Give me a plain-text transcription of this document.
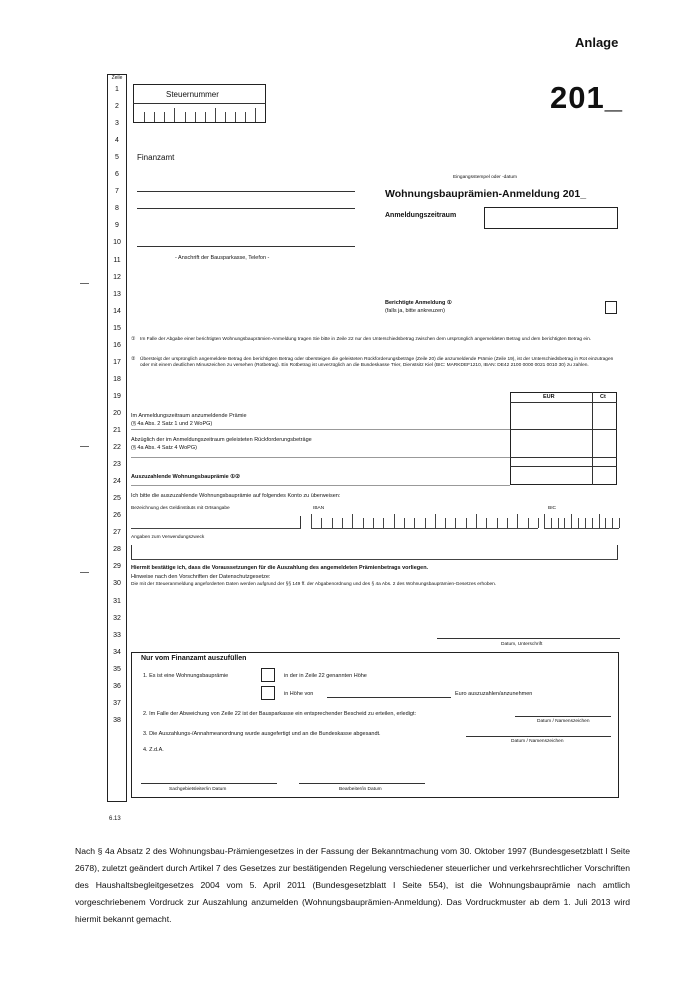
Anlage
201_
Zeile
1
2
3
4
5
6
7
8
9
10
11
12
13
14
15
16
17
18
19
20
21
22
23
24
25
26
27
28
29
30
31
32
33
34
35
36
37
38
Steuernummer
Finanzamt
- Anschrift der Bausparkasse, Telefon -
Eingangsstempel oder -datum
Wohnungsbauprämien-Anmeldung 201_
Anmeldungszeitraum
Berichtigte Anmeldung ①
(falls ja, bitte ankreuzen)
① Im Falle der Abgabe einer berichtigten Wohnungsbauprämien-Anmeldung tragen Sie bitte in Zeile 22 nur den Unterschiedsbetrag zwischen dem ursprünglich angemeldeten Betrag und dem berichtigten Betrag ein.
② Übersteigt der ursprünglich angemeldete Betrag den berichtigten Betrag oder übersteigen die geleisteten Rückforderungsbeträge (Zeile 20) die anzumeldende Prämie (Zeile 19), ist der Unterschiedsbetrag in Rot einzutragen oder mit einem deutlichen Minuszeichen zu versehen (Rotbetrag). Ein Rotbetrag ist unverzüglich an die Bundeskasse Trier, Dienstsitz Kiel (BIC: MARKDEF1210, IBAN: DE42 2100 0000 0021 0010 30) zu zahlen.
EUR	Ct
Im Anmeldungszeitraum anzumeldende Prämie
(§ 4a Abs. 2 Satz 1 und 2 WoPG)
Abzüglich der im Anmeldungszeitraum geleisteten Rückforderungsbeträge
(§ 4a Abs. 4 Satz 4 WoPG)
Auszuzahlende Wohnungsbauprämie ①②
Ich bitte die auszuzahlende Wohnungsbauprämie auf folgendes Konto zu überweisen:
Bezeichnung des Geldinstituts mit Ortsangabe	IBAN	BIC
Angaben zum Verwendungszweck
Hiermit bestätige ich, dass die Voraussetzungen für die Auszahlung des angemeldeten Prämienbetrags vorliegen.
Hinweise nach den Vorschriften der Datenschutzgesetze:
Die mit der Steueranmeldung angeforderten Daten werden aufgrund der §§ 149 ff. der Abgabenordnung und des § 4a Abs. 2 des Wohnungsbauprämien-Gesetzes erhoben.
Datum, Unterschrift
Nur vom Finanzamt auszufüllen
1. Es ist eine Wohnungsbauprämie	in der in Zeile 22 genannten Höhe
in Höhe von	Euro auszuzahlen/anzunehmen
2. Im Falle der Abweichung von Zeile 22 ist der Bausparkasse ein entsprechender Bescheid zu erteilen, erledigt:
Datum / Namenszeichen
3. Die Auszahlungs-/Annahmeanordnung wurde ausgefertigt und an die Bundeskasse abgesandt.
Datum / Namenszeichen
4. Z.d.A.
Sachgebietsleiter/in Datum	Bearbeiter/in Datum
6.13
Nach § 4a Absatz 2 des Wohnungsbau-Prämiengesetzes in der Fassung der Bekanntmachung vom 30. Oktober 1997 (Bundesgesetzblatt I Seite 2678), zuletzt geändert durch Artikel 7 des Gesetzes zur bestätigenden Regelung verschiedener steuerlicher und verkehrsrechtlicher Vorschriften des Haushaltsbegleitgesetzes 2004 vom 5. April 2011 (Bundesgesetzblatt I Seite 554), ist die Wohnungsbauprämie nach amtlich vorgeschriebenem Vordruck zur Auszahlung anzumelden (Wohnungsbauprämien-Anmeldung). Das Vordruckmuster ab dem 1. Juli 2013 wird hiermit bekannt gemacht.
